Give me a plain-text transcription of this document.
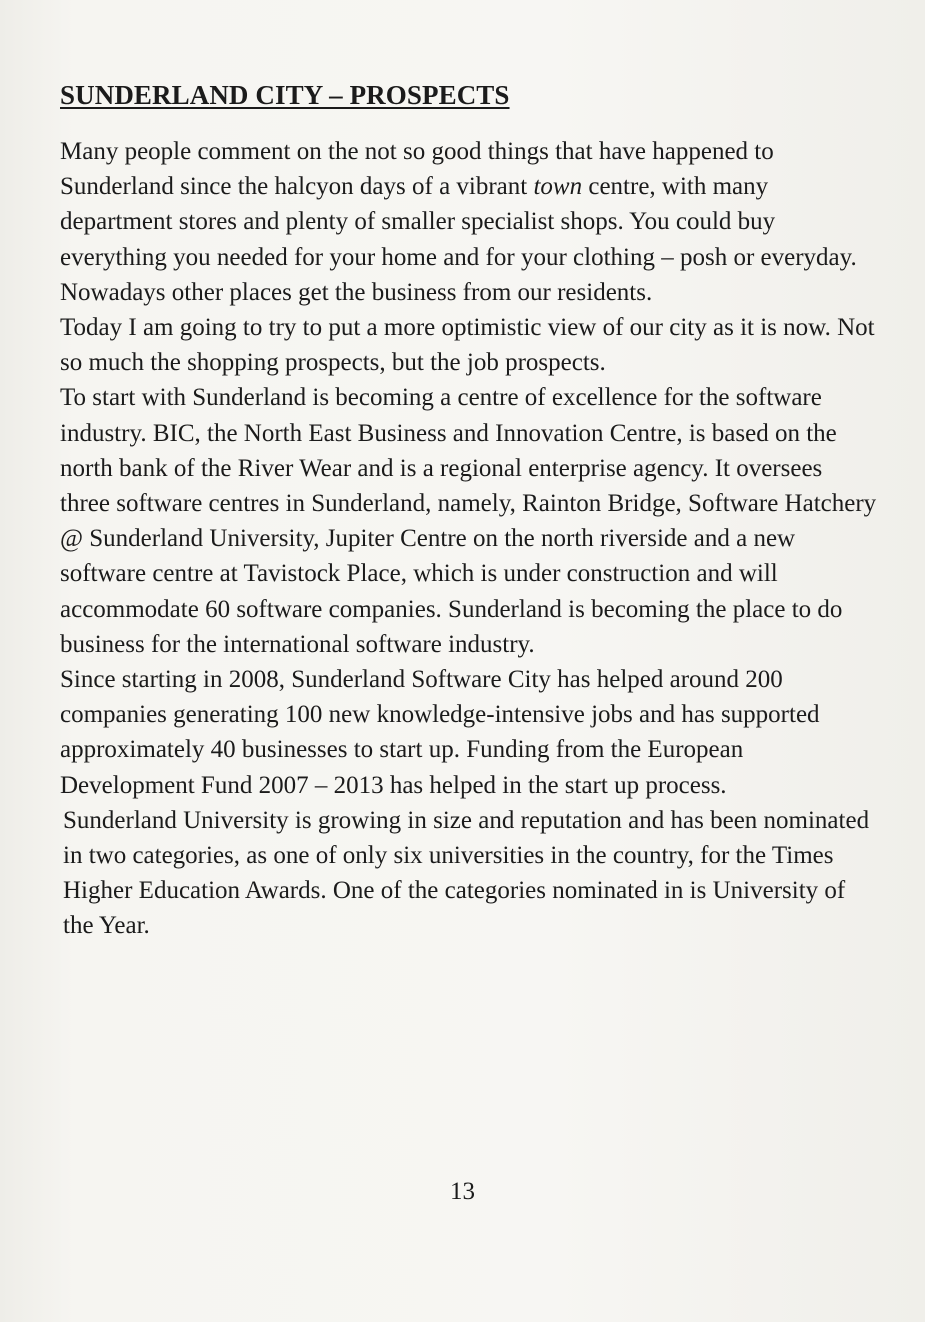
SUNDERLAND CITY – PROSPECTS

Many people comment on the not so good things that have happened to Sunderland since the halcyon days of a vibrant town centre, with many department stores and plenty of smaller specialist shops. You could buy everything you needed for your home and for your clothing – posh or everyday. Nowadays other places get the business from our residents.

Today I am going to try to put a more optimistic view of our city as it is now. Not so much the shopping prospects, but the job prospects.

To start with Sunderland is becoming a centre of excellence for the software industry. BIC, the North East Business and Innovation Centre, is based on the north bank of the River Wear and is a regional enterprise agency. It oversees three software centres in Sunderland, namely, Rainton Bridge, Software Hatchery @ Sunderland University, Jupiter Centre on the north riverside and a new software centre at Tavistock Place, which is under construction and will accommodate 60 software companies. Sunderland is becoming the place to do business for the international software industry.

Since starting in 2008, Sunderland Software City has helped around 200 companies generating 100 new knowledge-intensive jobs and has supported approximately 40 businesses to start up. Funding from the European Development Fund 2007 – 2013 has helped in the start up process.

Sunderland University is growing in size and reputation and has been nominated in two categories, as one of only six universities in the country, for the Times Higher Education Awards. One of the categories nominated in is University of the Year.

13
